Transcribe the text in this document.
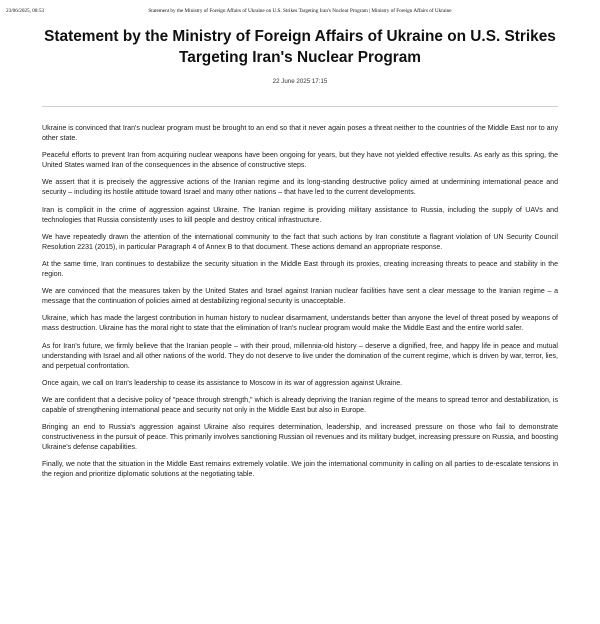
23/06/2025, 08:53	Statement by the Ministry of Foreign Affairs of Ukraine on U.S. Strikes Targeting Iran's Nuclear Program | Ministry of Foreign Affairs of Ukraine
Statement by the Ministry of Foreign Affairs of Ukraine on U.S. Strikes Targeting Iran's Nuclear Program
22 June 2025 17:15

Ukraine is convinced that Iran's nuclear program must be brought to an end so that it never again poses a threat neither to the countries of the Middle East nor to any other state.

Peaceful efforts to prevent Iran from acquiring nuclear weapons have been ongoing for years, but they have not yielded effective results. As early as this spring, the United States warned Iran of the consequences in the absence of constructive steps.

We assert that it is precisely the aggressive actions of the Iranian regime and its long-standing destructive policy aimed at undermining international peace and security – including its hostile attitude toward Israel and many other nations – that have led to the current developments.

Iran is complicit in the crime of aggression against Ukraine. The Iranian regime is providing military assistance to Russia, including the supply of UAVs and technologies that Russia consistently uses to kill people and destroy critical infrastructure.

We have repeatedly drawn the attention of the international community to the fact that such actions by Iran constitute a flagrant violation of UN Security Council Resolution 2231 (2015), in particular Paragraph 4 of Annex B to that document. These actions demand an appropriate response.

At the same time, Iran continues to destabilize the security situation in the Middle East through its proxies, creating increasing threats to peace and stability in the region.

We are convinced that the measures taken by the United States and Israel against Iranian nuclear facilities have sent a clear message to the Iranian regime – a message that the continuation of policies aimed at destabilizing regional security is unacceptable.

Ukraine, which has made the largest contribution in human history to nuclear disarmament, understands better than anyone the level of threat posed by weapons of mass destruction. Ukraine has the moral right to state that the elimination of Iran's nuclear program would make the Middle East and the entire world safer.

As for Iran's future, we firmly believe that the Iranian people – with their proud, millennia-old history – deserve a dignified, free, and happy life in peace and mutual understanding with Israel and all other nations of the world. They do not deserve to live under the domination of the current regime, which is driven by war, terror, lies, and perpetual confrontation.

Once again, we call on Iran's leadership to cease its assistance to Moscow in its war of aggression against Ukraine.

We are confident that a decisive policy of "peace through strength," which is already depriving the Iranian regime of the means to spread terror and destabilization, is capable of strengthening international peace and security not only in the Middle East but also in Europe.

Bringing an end to Russia's aggression against Ukraine also requires determination, leadership, and increased pressure on those who fail to demonstrate constructiveness in the pursuit of peace. This primarily involves sanctioning Russian oil revenues and its military budget, increasing pressure on Russia, and boosting Ukraine's defense capabilities.

Finally, we note that the situation in the Middle East remains extremely volatile. We join the international community in calling on all parties to de-escalate tensions in the region and prioritize diplomatic solutions at the negotiating table.
